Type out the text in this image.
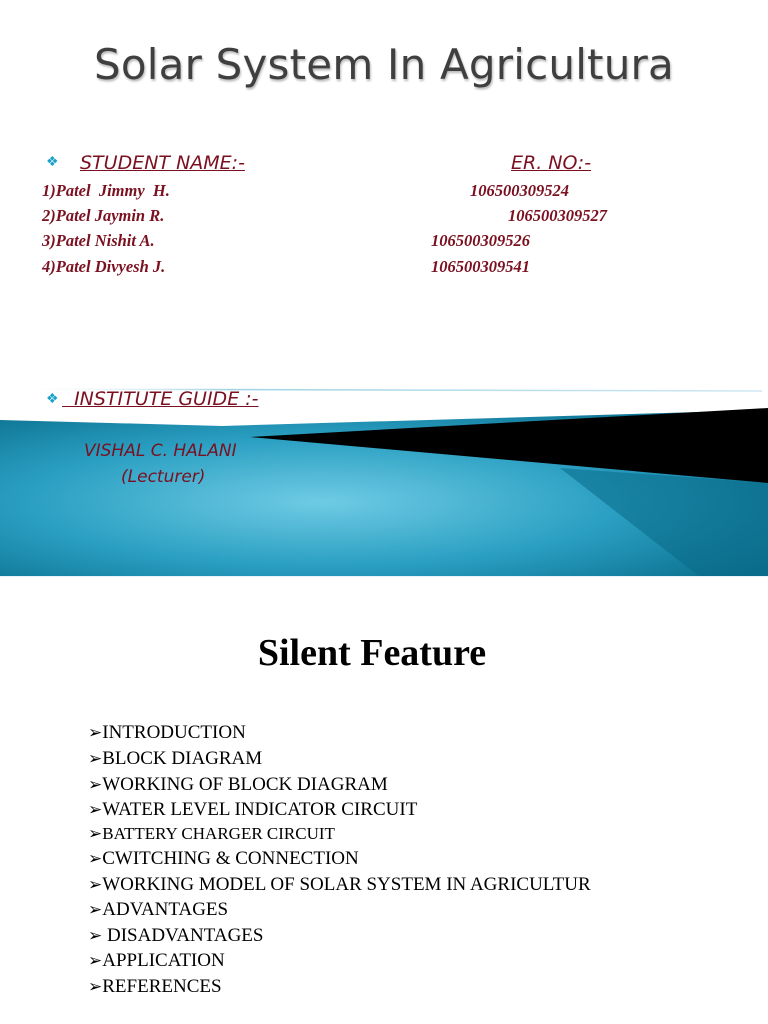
Solar System In Agricultura
❖ STUDENT NAME:-	ER. NO:-
1)Patel  Jimmy  H.	106500309524
2)Patel Jaymin R.	106500309527
3)Patel Nishit A.	106500309526
4)Patel Divyesh J.	106500309541
❖ INSTITUTE GUIDE :-
VISHAL C. HALANI
(Lecturer)
Silent Feature
➢INTRODUCTION
➢BLOCK DIAGRAM
➢WORKING OF BLOCK DIAGRAM
➢WATER LEVEL INDICATOR CIRCUIT
➢BATTERY CHARGER CIRCUIT
➢CWITCHING & CONNECTION
➢WORKING MODEL OF SOLAR SYSTEM IN AGRICULTUR
➢ADVANTAGES
➢ DISADVANTAGES
➢APPLICATION
➢REFERENCES
